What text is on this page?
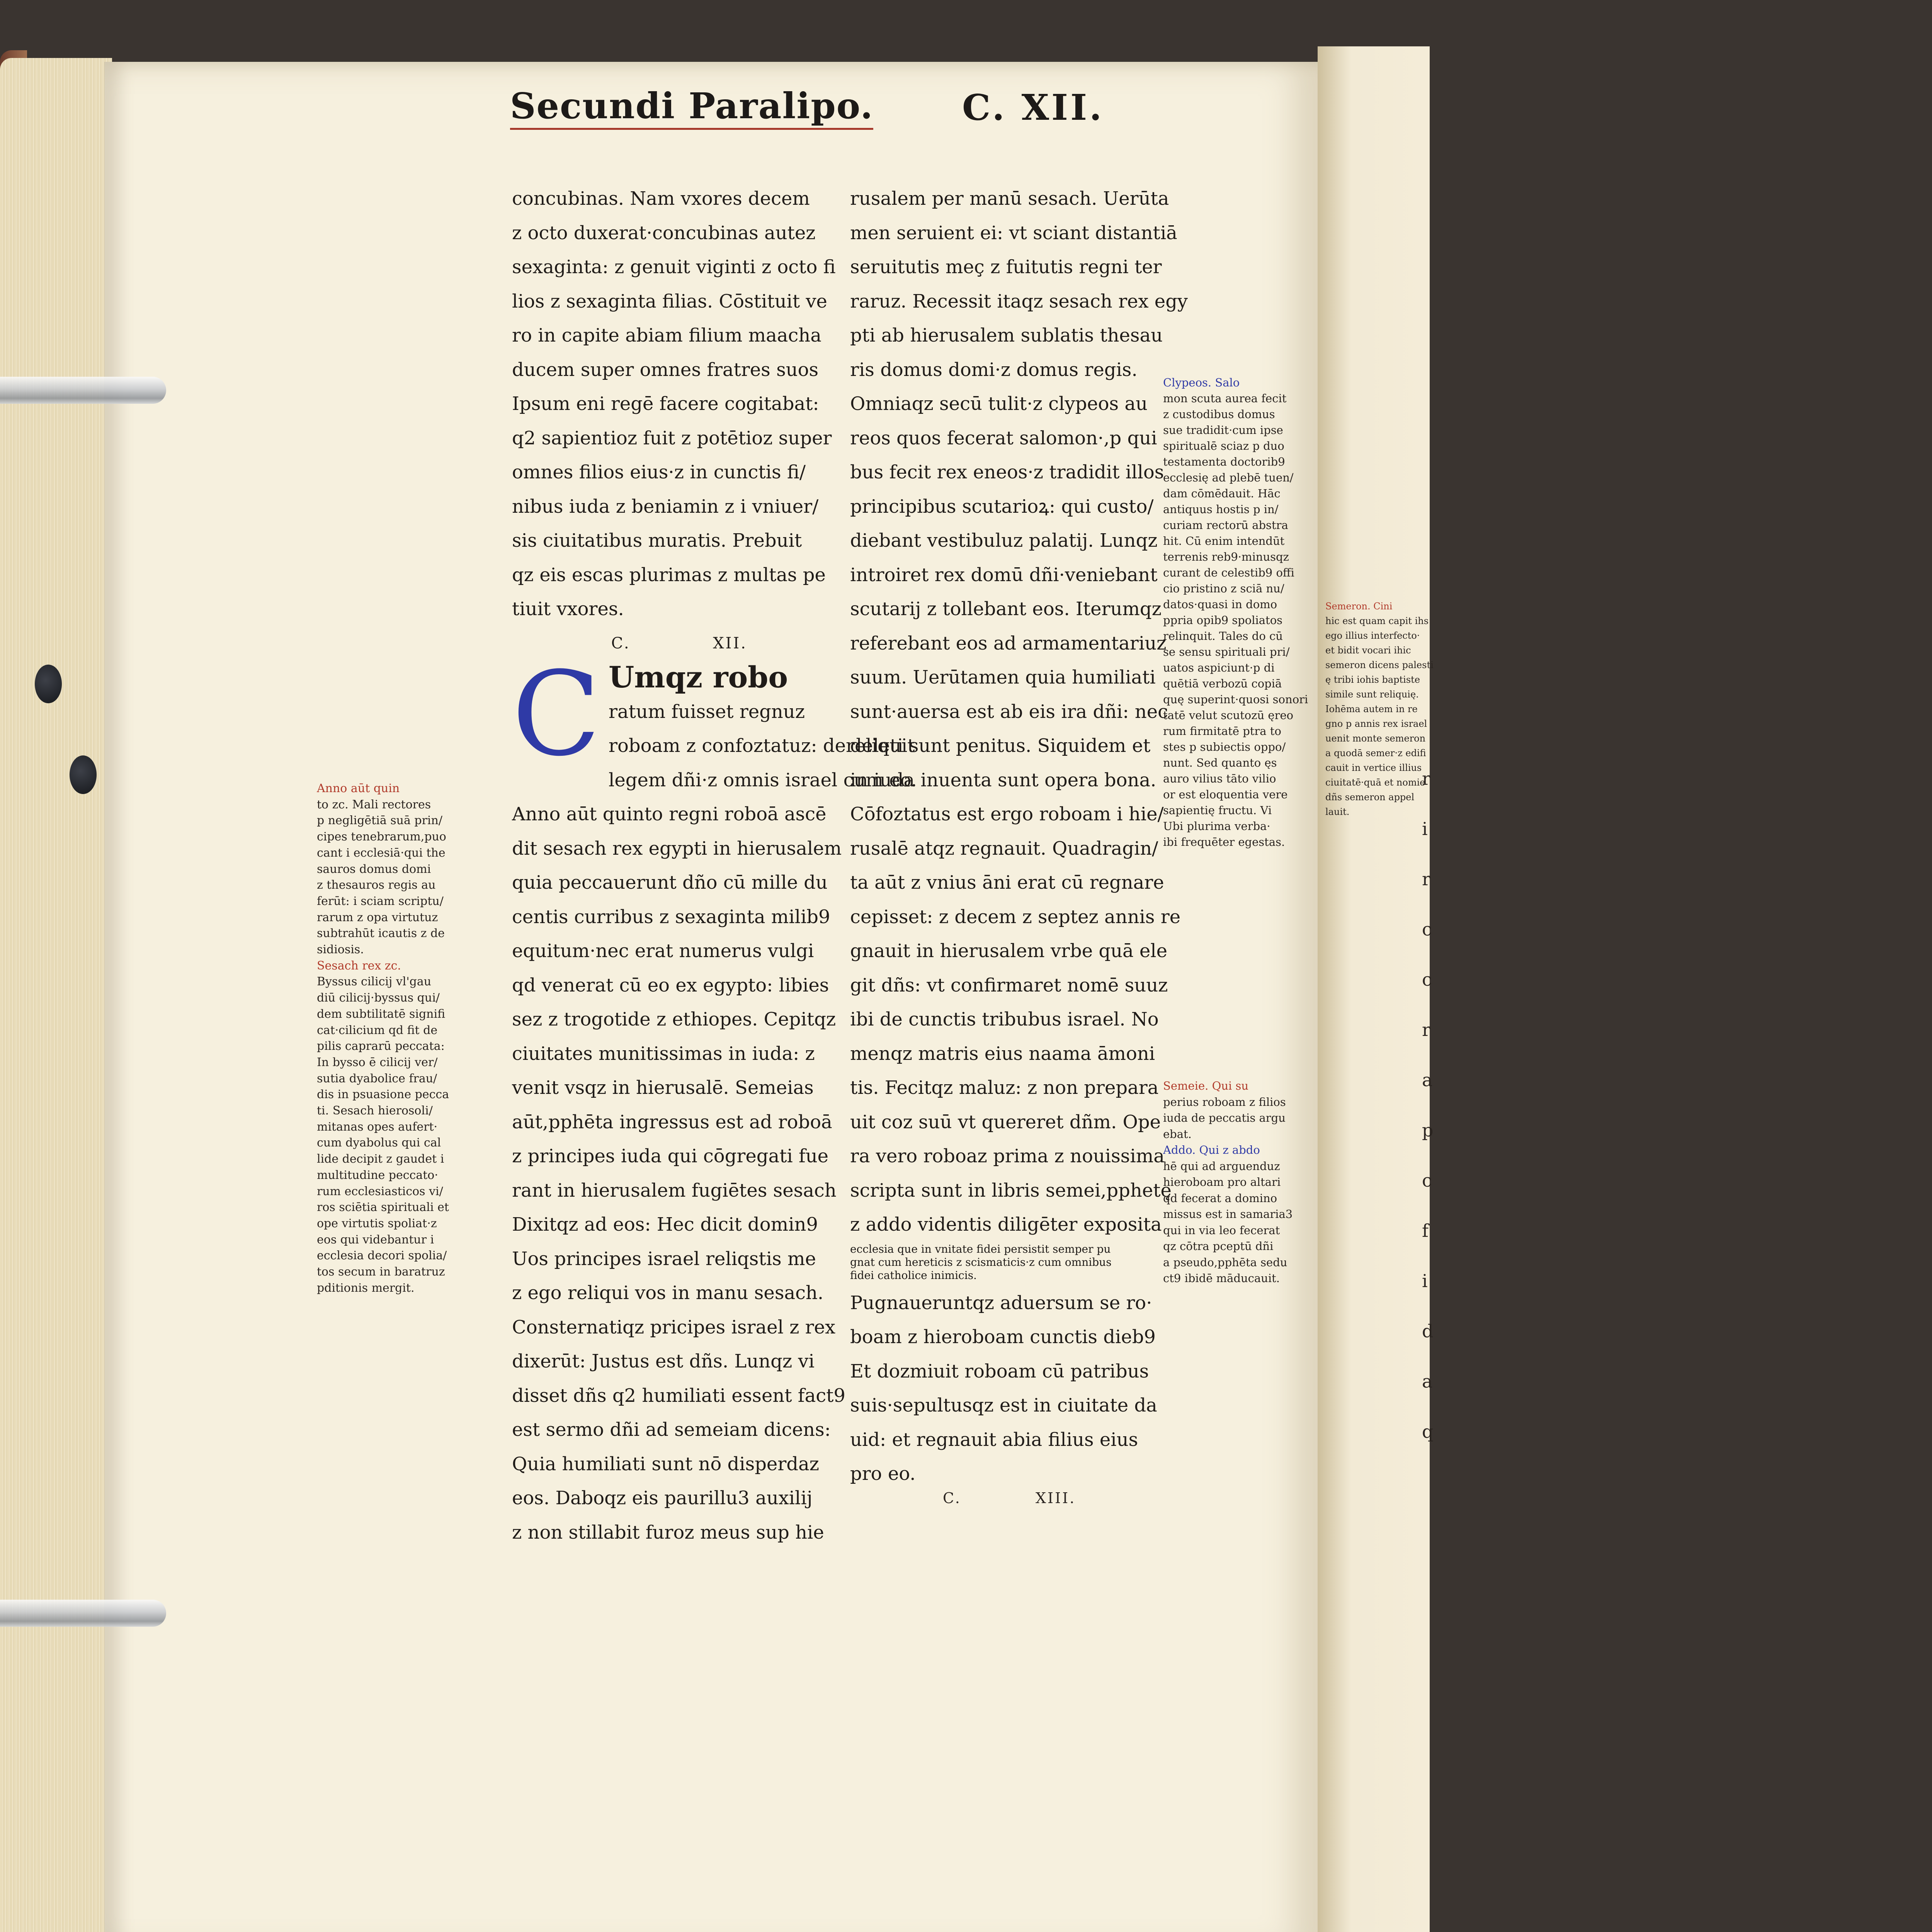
Secundi Paralipo. C. XII.
concubinas. Nam vxores decem
z octo duxerat·concubinas autez
sexaginta: z genuit viginti z octo fi
lios z sexaginta filias. Cōstituit ve
ro in capite abiam filium maacha
ducem super omnes fratres suos
Ipsum eni regē facere cogitabat:
q2 sapientioz fuit z potētioz super
omnes filios eius·z in cunctis fi/
nibus iuda z beniamin z i vniuer/
sis ciuitatibus muratis. Prebuit
qz eis escas plurimas z multas pe
tiuit vxores.
C.	XII.
C Umqz robo
ratum fuisset regnuz
roboam z confoztatuz: dereliquit
legem dñi·z omnis israel cum eo.
Anno aūt quinto regni roboā ascē
dit sesach rex egypti in hierusalem
quia peccauerunt dño cū mille du
centis curribus z sexaginta milib9
equitum·nec erat numerus vulgi
qd venerat cū eo ex egypto: libies
sez z trogotide z ethiopes. Cepitqz
ciuitates munitissimas in iuda: z
venit vsqz in hierusalē. Semeias
aūt,pphēta ingressus est ad roboā
z principes iuda qui cōgregati fue
rant in hierusalem fugiētes sesach
Dixitqz ad eos: Hec dicit domin9
Uos principes israel reliqstis me
z ego reliqui vos in manu sesach.
Consternatiqz pricipes israel z rex
dixerūt: Justus est dñs. Lunqz vi
disset dñs q2 humiliati essent fact9
est sermo dñi ad semeiam dicens:
Quia humiliati sunt nō disperdaz
eos. Daboqz eis paurillu3 auxilij
z non stillabit furoz meus sup hie
rusalem per manū sesach. Uerūta
men seruient ei: vt sciant distantiā
seruitutis meç z fuitutis regni ter
raruz. Recessit itaqz sesach rex egy
pti ab hierusalem sublatis thesau
ris domus domi·z domus regis.
Omniaqz secū tulit·z clypeos au
reos quos fecerat salomon·,p qui
bus fecit rex eneos·z tradidit illos
principibus scutarioꝝ: qui custo/
diebant vestibuluz palatij. Lunqz
introiret rex domū dñi·veniebant
scutarij z tollebant eos. Iterumqz
referebant eos ad armamentariuz
suum. Uerūtamen quia humiliati
sunt·auersa est ab eis ira dñi: nec
deleti sunt penitus. Siquidem et
in iuda inuenta sunt opera bona.
Cōfoztatus est ergo roboam i hie/
rusalē atqz regnauit. Quadragin/
ta aūt z vnius āni erat cū regnare
cepisset: z decem z septez annis re
gnauit in hierusalem vrbe quā ele
git dñs: vt confirmaret nomē suuz
ibi de cunctis tribubus israel. No
menqz matris eius naama āmoni
tis. Fecitqz maluz: z non prepara
uit coz suū vt quereret dñm. Ope
ra vero roboaz prima z nouissima
scripta sunt in libris semei,pphetę
z addo videntis diligēter exposita
ecclesia que in vnitate fidei persistit semper pu
gnat cum hereticis z scismaticis·z cum omnibus
fidei catholice inimicis.
Pugnaueruntqz aduersum se ro·
boam z hieroboam cunctis dieb9
Et dozmiuit roboam cū patribus
suis·sepultusqz est in ciuitate da
uid: et regnauit abia filius eius
pro eo.
C.	XIII.
Anno aūt quin
to zc. Mali rectores
p negligētiā suā prin/
cipes tenebrarum,puo
cant i ecclesiā·qui the
sauros domus domi
z thesauros regis au
ferūt: i sciam scriptu/
rarum z opa virtutuz
subtrahūt icautis z de
sidiosis.
Sesach rex zc.
Byssus cilicij vl'gau
diū cilicij·byssus qui/
dem subtilitatē signifi
cat·cilicium qd fit de
pilis caprarū peccata:
In bysso ē cilicij ver/
sutia dyabolice frau/
dis in psuasione pecca
ti. Sesach hierosoli/
mitanas opes aufert·
cum dyabolus qui cal
lide decipit z gaudet i
multitudine peccato·
rum ecclesiasticos vi/
ros sciētia spirituali et
ope virtutis spoliat·z
eos qui videbantur i
ecclesia decori spolia/
tos secum in baratruz
pditionis mergit.
Clypeos. Salo
mon scuta aurea fecit
z custodibus domus
sue tradidit·cum ipse
spiritualē sciaz p duo
testamenta doctorib9
ecclesię ad plebē tuen/
dam cōmēdauit. Hāc
antiquus hostis p in/
curiam rectorū abstra
hit. Cū enim intendūt
terrenis reb9·minusqz
curant de celestib9 offi
cio pristino z sciā nu/
datos·quasi in domo
ppria opib9 spoliatos
relinquit. Tales do cū
se sensu spirituali pri/
uatos aspiciunt·p di
quētiā verbozū copiā
quę superint·quosi sonori
tatē velut scutozū ęreo
rum firmitatē ptra to
stes p subiectis oppo/
nunt. Sed quanto ęs
auro vilius tāto vilio
or est eloquentia vere
sapientię fructu. Vi
Ubi plurima verba·
ibi frequēter egestas.
Semeie. Qui su
perius roboam z filios
iuda de peccatis argu
ebat.
Addo. Qui z abdo
hē qui ad arguenduz
hieroboam pro altari
qd fecerat a domino
missus est in samaria3
qui in via leo fecerat
qz cōtra pceptū dñi
a pseudo,pphēta sedu
ct9 ibidē māducauit.
Semeron. Cini
hic est quam capit ihs
ego illius interfecto·
et bidit vocari ihic
semeron dicens palesti
ę tribi iohis baptiste
simile sunt reliquię.
Iohēma autem in re
gno p annis rex israel
uenit monte semeron
a quodā semer·z edifi
cauit in vertice illius
ciuitatē·quā et nomie
dñs semeron appel
lauit.
r
i
r
c
c
r
a
p
c
f
i
d
a
q
